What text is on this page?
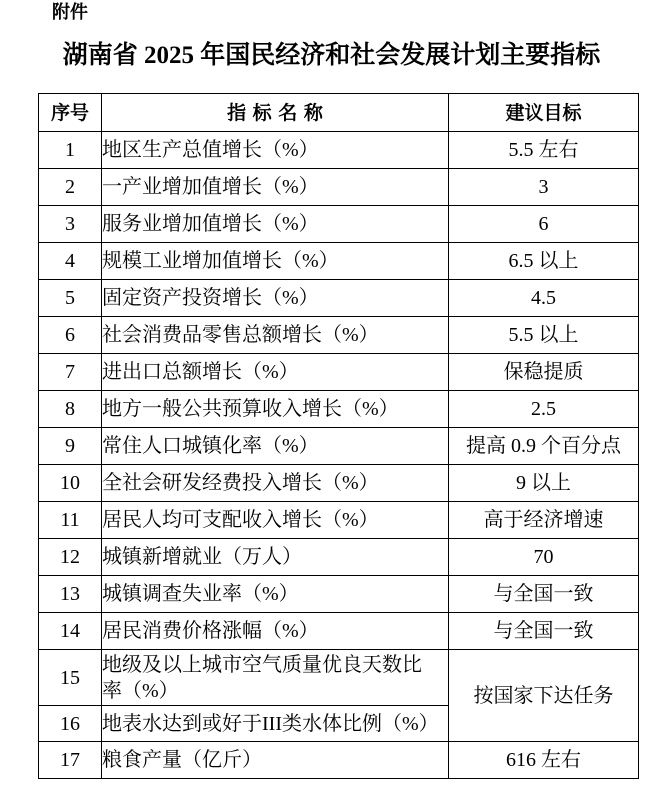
附件
湖南省 2025 年国民经济和社会发展计划主要指标
序号	指 标 名 称	建议目标
1	地区生产总值增长（%）	5.5 左右
2	一产业增加值增长（%）	3
3	服务业增加值增长（%）	6
4	规模工业增加值增长（%）	6.5 以上
5	固定资产投资增长（%）	4.5
6	社会消费品零售总额增长（%）	5.5 以上
7	进出口总额增长（%）	保稳提质
8	地方一般公共预算收入增长（%）	2.5
9	常住人口城镇化率（%）	提高 0.9 个百分点
10	全社会研发经费投入增长（%）	9 以上
11	居民人均可支配收入增长（%）	高于经济增速
12	城镇新增就业（万人）	70
13	城镇调查失业率（%）	与全国一致
14	居民消费价格涨幅（%）	与全国一致
15	地级及以上城市空气质量优良天数比率（%）	按国家下达任务
16	地表水达到或好于III类水体比例（%）	
17	粮食产量（亿斤）	616 左右
